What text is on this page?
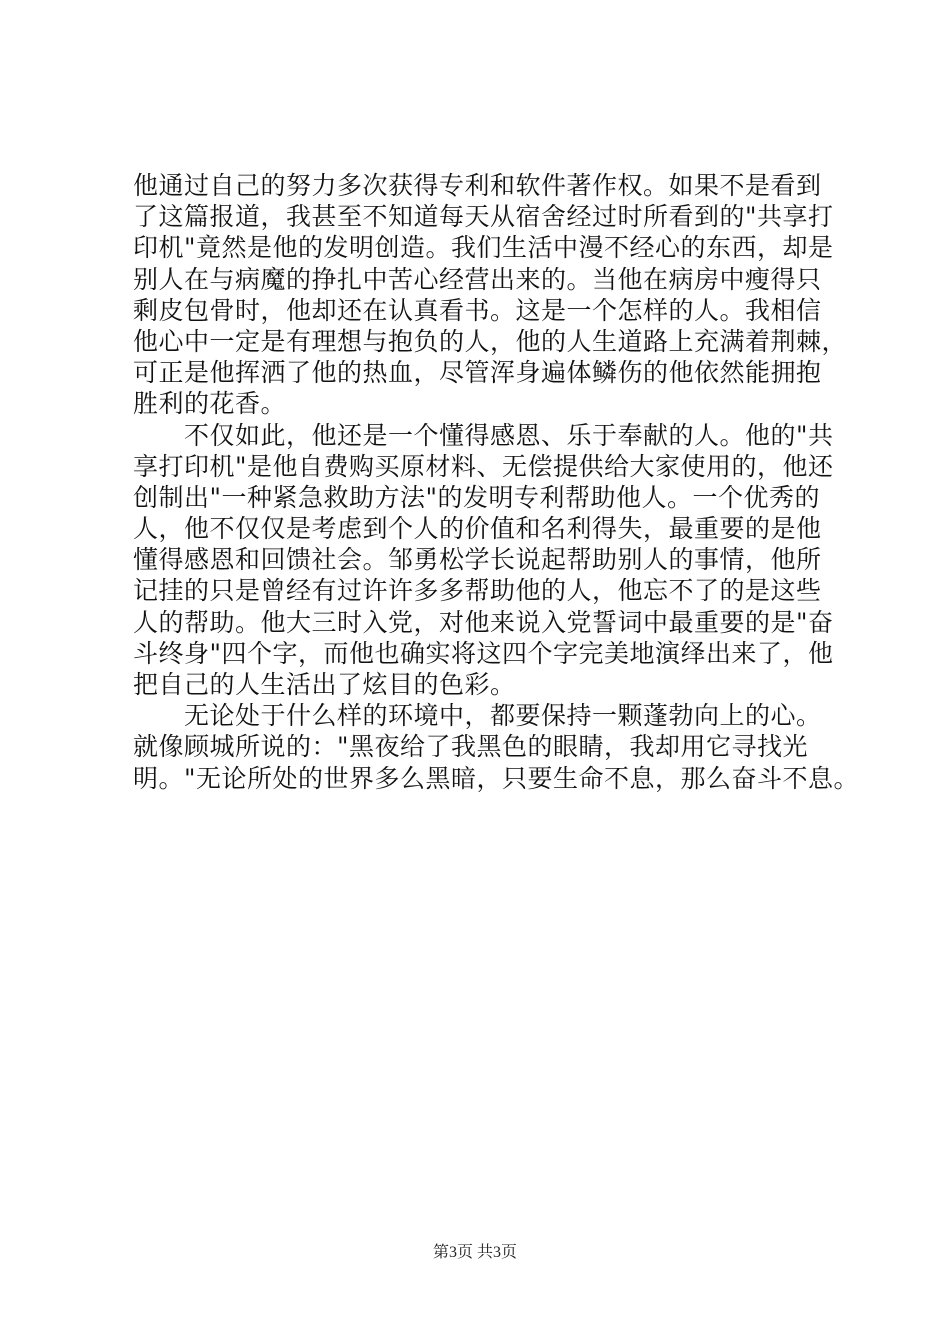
他通过自己的努力多次获得专利和软件著作权。如果不是看到
了这篇报道，我甚至不知道每天从宿舍经过时所看到的"共享打
印机"竟然是他的发明创造。我们生活中漫不经心的东西，却是
别人在与病魔的挣扎中苦心经营出来的。当他在病房中瘦得只
剩皮包骨时，他却还在认真看书。这是一个怎样的人。我相信
他心中一定是有理想与抱负的人，他的人生道路上充满着荆棘，
可正是他挥洒了他的热血，尽管浑身遍体鳞伤的他依然能拥抱
胜利的花香。
　　不仅如此，他还是一个懂得感恩、乐于奉献的人。他的"共
享打印机"是他自费购买原材料、无偿提供给大家使用的，他还
创制出"一种紧急救助方法"的发明专利帮助他人。一个优秀的
人，他不仅仅是考虑到个人的价值和名利得失，最重要的是他
懂得感恩和回馈社会。邹勇松学长说起帮助别人的事情，他所
记挂的只是曾经有过许许多多帮助他的人，他忘不了的是这些
人的帮助。他大三时入党，对他来说入党誓词中最重要的是"奋
斗终身"四个字，而他也确实将这四个字完美地演绎出来了，他
把自己的人生活出了炫目的色彩。
　　无论处于什么样的环境中，都要保持一颗蓬勃向上的心。
就像顾城所说的："黑夜给了我黑色的眼睛，我却用它寻找光
明。"无论所处的世界多么黑暗，只要生命不息，那么奋斗不息。
第3页 共3页
